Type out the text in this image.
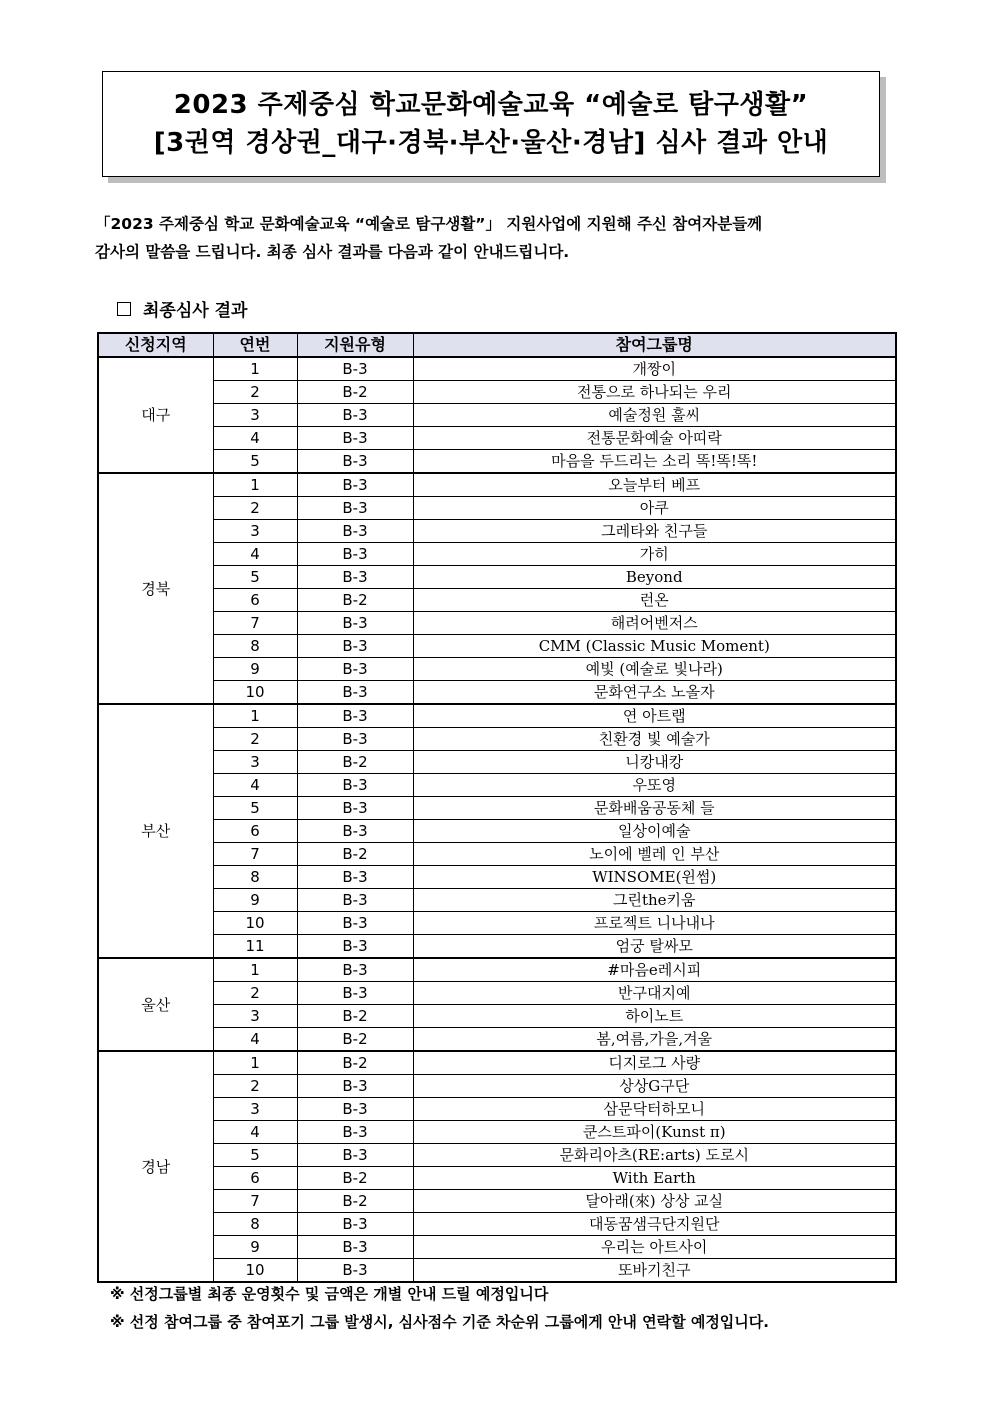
2023 주제중심 학교문화예술교육 “예술로 탐구생활”
[3권역 경상권_대구·경북·부산·울산·경남] 심사 결과 안내

「2023 주제중심 학교 문화예술교육 “예술로 탐구생활”」 지원사업에 지원해 주신 참여자분들께

감사의 말씀을 드립니다. 최종 심사 결과를 다음과 같이 안내드립니다.

최종심사 결과
신청지역	연번	지원유형	참여그룹명
대구	1	B-3	개짱이
	2	B-2	전통으로 하나되는 우리
	3	B-3	예술정원 훌씨
	4	B-3	전통문화예술 아띠락
	5	B-3	마음을 두드리는 소리 똑!똑!똑!
경북	1	B-3	오늘부터 베프
	2	B-3	아쿠
	3	B-3	그레타와 친구들
	4	B-3	가히
	5	B-3	Beyond
	6	B-2	런온
	7	B-3	해려어벤저스
	8	B-3	CMM (Classic Music Moment)
	9	B-3	예빛 (예술로 빛나라)
	10	B-3	문화연구소 노올자
부산	1	B-3	연 아트랩
	2	B-3	친환경 빛 예술가
	3	B-2	니캉내캉
	4	B-3	우또영
	5	B-3	문화배움공동체 들
	6	B-3	일상이예술
	7	B-2	노이에 벨레 인 부산
	8	B-3	WINSOME(윈썸)
	9	B-3	그린the키움
	10	B-3	프로젝트 니나내나
	11	B-3	엄궁 탈싸모
울산	1	B-3	#마음e레시피
	2	B-3	반구대지예
	3	B-2	하이노트
	4	B-2	봄,여름,가을,겨울
경남	1	B-2	디지로그 사량
	2	B-3	상상G구단
	3	B-3	삼문닥터하모니
	4	B-3	쿤스트파이(Kunst π)
	5	B-3	문화리아츠(RE:arts) 도로시
	6	B-2	With Earth
	7	B-2	달아래(來) 상상 교실
	8	B-3	대동꿈샘극단지원단
	9	B-3	우리는 아트사이
	10	B-3	또바기친구

※ 선정그룹별 최종 운영횟수 및 금액은 개별 안내 드릴 예정입니다

※ 선정 참여그룹 중 참여포기 그룹 발생시, 심사점수 기준 차순위 그룹에게 안내 연락할 예정입니다.
